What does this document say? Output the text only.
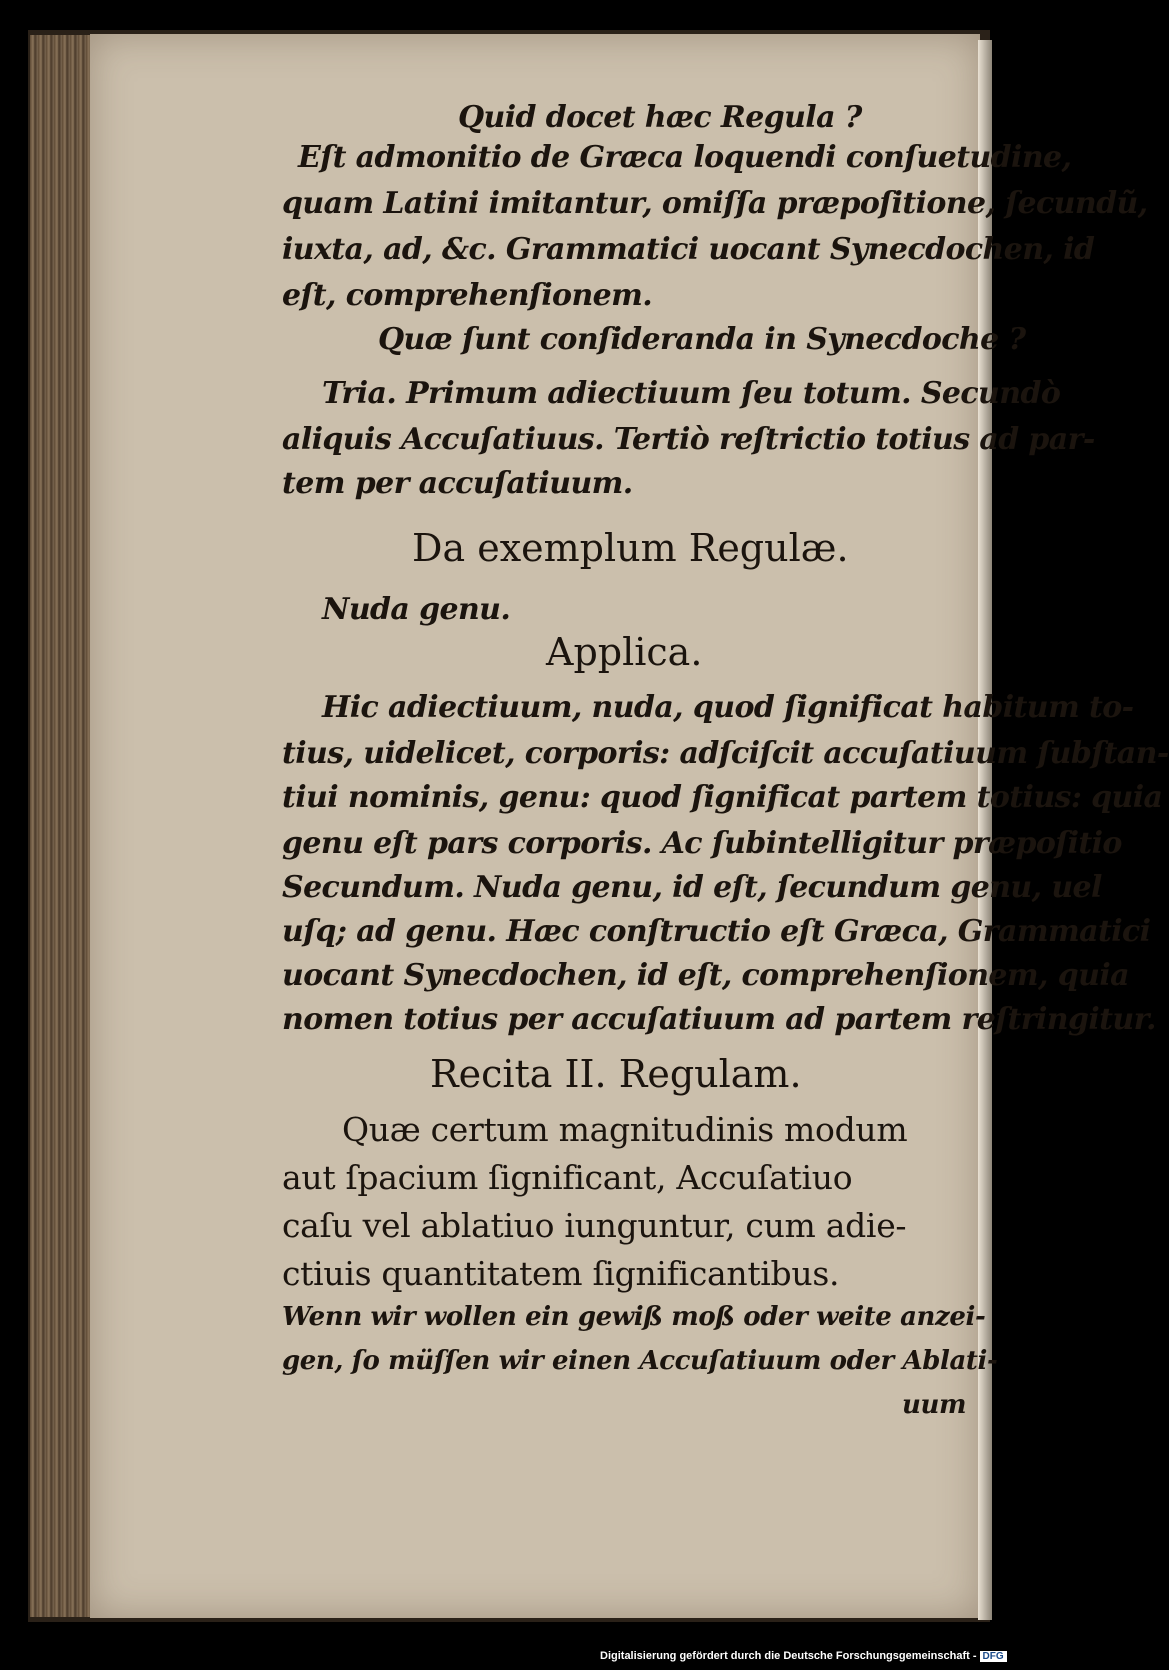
Quid docet hæc Regula ?
Eſt admonitio de Græca loquendi conſuetudine,
quam Latini imitantur, omiſſa præpoſitione, ſecundũ,
iuxta, ad, &c. Grammatici uocant Synecdochen, id
eſt, comprehenſionem.
Quæ ſunt conſideranda in Synecdoche ?
Tria. Primum adiectiuum ſeu totum. Secundò
aliquis Accuſatiuus. Tertiò reſtrictio totius ad par-
tem per accuſatiuum.
Da exemplum Regulæ.
Nuda genu.
Applica.
Hic adiectiuum, nuda, quod ſignificat habitum to-
tius, uidelicet, corporis: adſciſcit accuſatiuum ſubſtan-
tiui nominis, genu: quod ſignificat partem totius: quia
genu eſt pars corporis. Ac ſubintelligitur præpoſitio
Secundum. Nuda genu, id eſt, ſecundum genu, uel
uſq; ad genu. Hæc conſtructio eſt Græca, Grammatici
uocant Synecdochen, id eſt, comprehenſionem, quia
nomen totius per accuſatiuum ad partem reſtringitur.
Recita II. Regulam.
Quæ certum magnitudinis modum
aut ſpacium ſignificant, Accuſatiuo
caſu vel ablatiuo iunguntur, cum adie-
ctiuis quantitatem ſignificantibus.
Wenn wir wollen ein gewiß moß oder weite anzei-
gen, ſo müſſen wir einen Accuſatiuum oder Ablati-
uum
Digitalisierung gefördert durch die Deutsche Forschungsgemeinschaft - DFG
